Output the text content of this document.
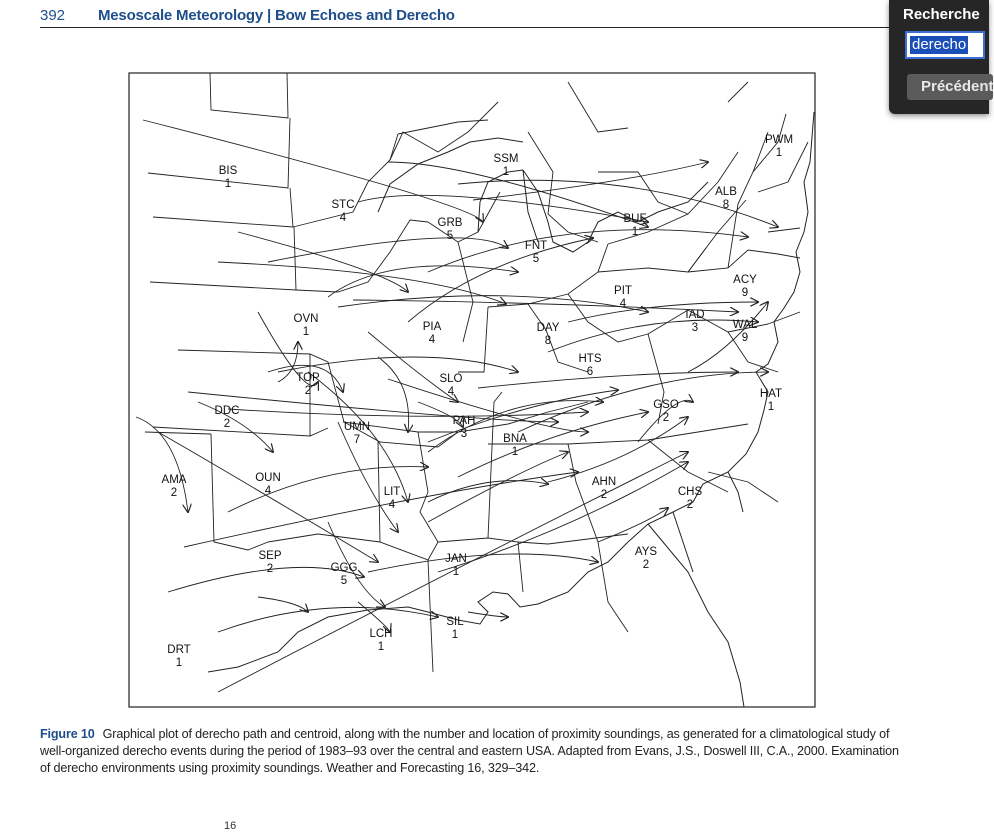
392 Mesoscale Meteorology | Bow Echoes and Derecho
BIS
1
SSM
1
PWM
1
STC
4	GRB
5
ALB
8
BUF
1
FNT
5
ACY
9
PIT
4
IAD
3	WAL
9
OVN
1	PIA
4
DAY
8
HTS
6
TOP
2
SLO
4	HAT
1
DDC
2	PAH
3
GSO
2
UMN
7	BNA
1
AMA
2
OUN
4	LIT
4
AHN
2	CHS
2
SEP
2	GGG
5
JAN
1
AYS
2
SIL
1
LCH
1
DRT
1
Figure 10 Graphical plot of derecho path and centroid, along with the number and location of proximity soundings, as generated for a climatological study of well-organized derecho events during the period of 1983–93 over the central and eastern USA. Adapted from Evans, J.S., Doswell III, C.A., 2000. Examination of derecho environments using proximity soundings. Weather and Forecasting 16, 329–342.
16
Recherche
derecho
Précédent
